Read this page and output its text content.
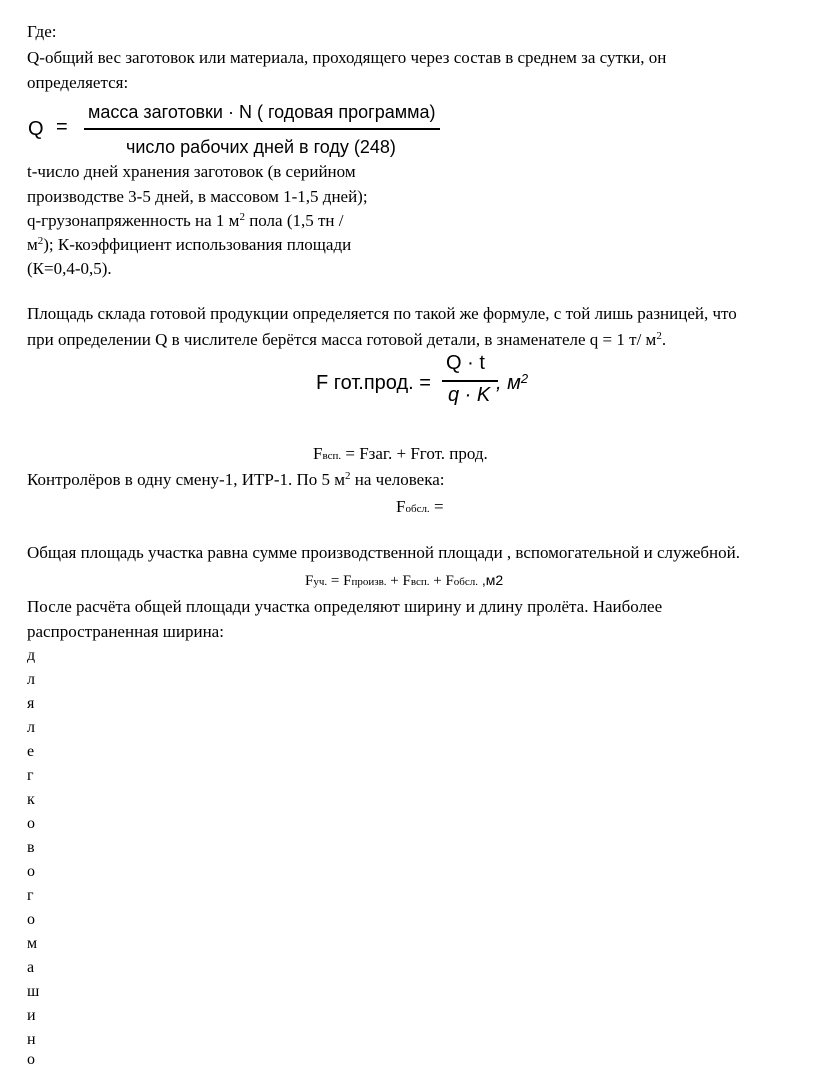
Где:
Q-общий вес заготовок или материала, проходящего через состав в среднем за сутки, он
определяется:
Q =
масса заготовки · N ( годовая программа)
число рабочих дней в году (248)
t-число дней хранения заготовок (в серийном
производстве 3-5 дней, в массовом 1-1,5 дней);
q-грузонапряженность на 1 $м^2$ пола (1,5 тн /
$м^2$); К-коэффициент использования площади
(К=0,4-0,5).
Площадь склада готовой продукции определяется по такой же формуле, с той лишь разницей, что
при определении Q в числителе берётся масса готовой детали, в знаменателе q = 1 т/ $м^2$.
F гот.прод. =
Q · t
q · K
, $м^2$
Fвсп. = Fзаг. + Fгот. прод.
Контролёров в одну смену-1, ИТР-1. По 5 $м^2$ на человека:
Fобсл. =
Общая площадь участка равна сумме производственной площади , вспомогательной и служебной.
Fуч. = Fпроизв. + Fвсп. + Fобсл. ,м2
После расчёта общей площади участка определяют ширину и длину пролёта. Наиболее
распространенная ширина:
д
л
я
л
е
г
к
о
в
о
г
о
м
а
ш
и
н
о
